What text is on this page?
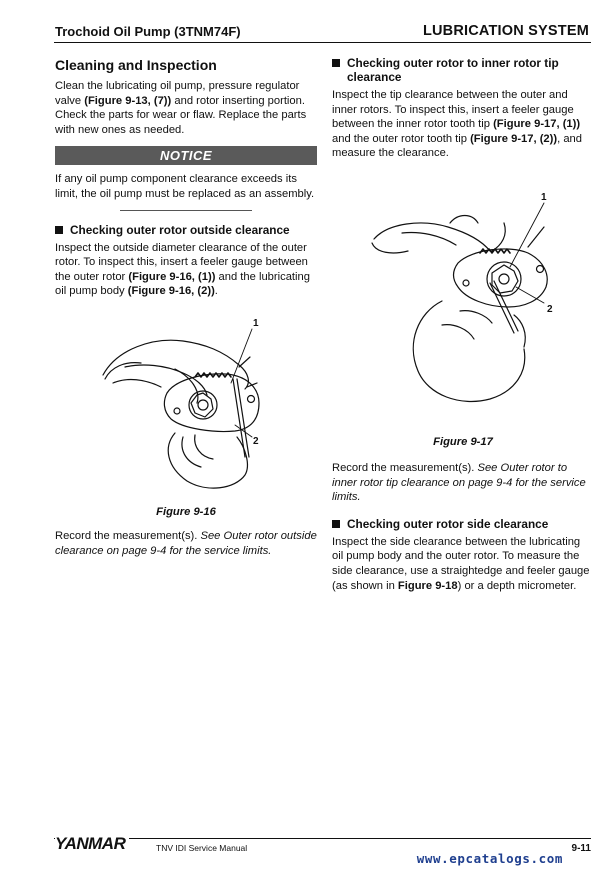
Trochoid Oil Pump (3TNM74F)	LUBRICATION SYSTEM
Cleaning and Inspection

Clean the lubricating oil pump, pressure regulator valve (Figure 9-13, (7)) and rotor inserting portion. Check the parts for wear or flaw. Replace the parts with new ones as needed.

NOTICE

If any oil pump component clearance exceeds its limit, the oil pump must be replaced as an assembly.

Checking outer rotor outside clearance

Inspect the outside diameter clearance of the outer rotor. To inspect this, insert a feeler gauge between the outer rotor (Figure 9-16, (1)) and the lubricating oil pump body (Figure 9-16, (2)).

1
2
Figure 9-16

Record the measurement(s). See Outer rotor outside clearance on page 9-4 for the service limits.

Checking outer rotor to inner rotor tip clearance

Inspect the tip clearance between the outer and inner rotors. To inspect this, insert a feeler gauge between the inner rotor tooth tip (Figure 9-17, (1)) and the outer rotor tooth tip (Figure 9-17, (2)), and measure the clearance.

1
2
Figure 9-17

Record the measurement(s). See Outer rotor to inner rotor tip clearance on page 9-4 for the service limits.

Checking outer rotor side clearance

Inspect the side clearance between the lubricating oil pump body and the outer rotor. To measure the side clearance, use a straightedge and feeler gauge (as shown in Figure 9-18) or a depth micrometer.

YANMAR	TNV IDI Service Manual	9-11
www.epcatalogs.com
